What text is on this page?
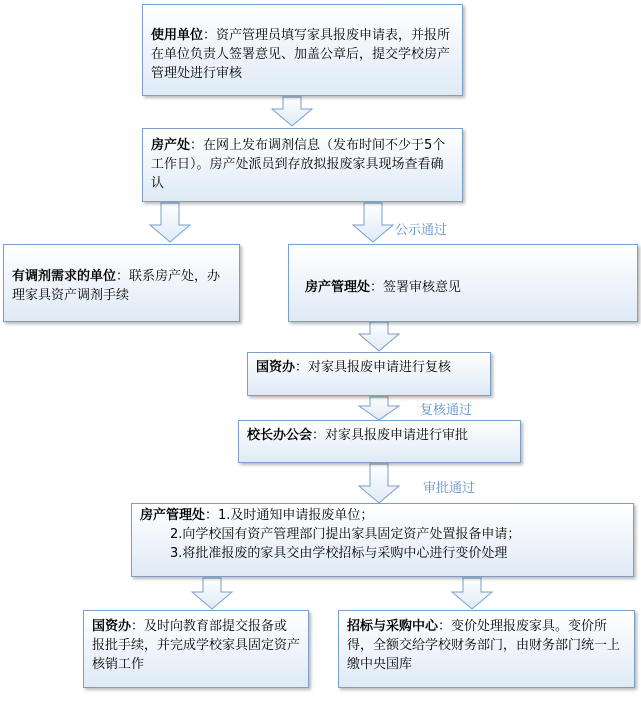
使用单位：资产管理员填写家具报废申请表，并报所在单位负责人签署意见、加盖公章后，提交学校房产管理处进行审核
房产处：在网上发布调剂信息（发布时间不少于5个工作日）。房产处派员到存放拟报废家具现场查看确认
有调剂需求的单位：联系房产处，办理家具资产调剂手续
公示通过
房产管理处：签署审核意见
国资办：对家具报废申请进行复核
复核通过
校长办公会：对家具报废申请进行审批
审批通过
房产管理处：1.及时通知申请报废单位；
2.向学校国有资产管理部门提出家具固定资产处置报备申请；
3.将批准报废的家具交由学校招标与采购中心进行变价处理
国资办：及时向教育部提交报备或报批手续，并完成学校家具固定资产核销工作
招标与采购中心：变价处理报废家具。变价所得，全额交给学校财务部门，由财务部门统一上缴中央国库
